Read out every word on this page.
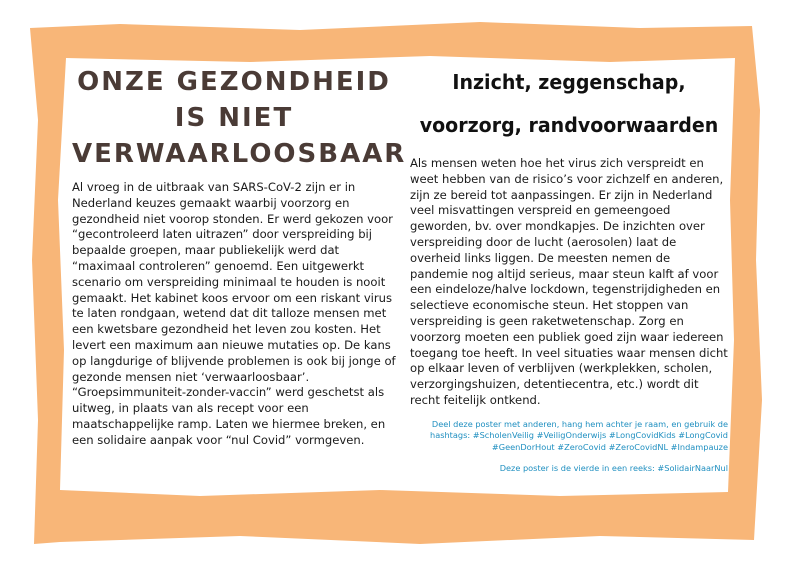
ONZE GEZONDHEID IS NIET VERWAARLOOSBAAR

Al vroeg in de uitbraak van SARS-CoV-2 zijn er in Nederland keuzes gemaakt waarbij voorzorg en gezondheid niet voorop stonden. Er werd gekozen voor “gecontroleerd laten uitrazen” door verspreiding bij bepaalde groepen, maar publiekelijk werd dat “maximaal controleren” genoemd. Een uitgewerkt scenario om verspreiding minimaal te houden is nooit gemaakt. Het kabinet koos ervoor om een riskant virus te laten rondgaan, wetend dat dit talloze mensen met een kwetsbare gezondheid het leven zou kosten. Het levert een maximum aan nieuwe mutaties op. De kans op langdurige of blijvende problemen is ook bij jonge of gezonde mensen niet ‘verwaarloosbaar’. “Groepsimmuniteit-zonder-vaccin” werd geschetst als uitweg, in plaats van als recept voor een maatschappelijke ramp. Laten we hiermee breken, en een solidaire aanpak voor “nul Covid” vormgeven.

Inzicht, zeggenschap, voorzorg, randvoorwaarden

Als mensen weten hoe het virus zich verspreidt en weet hebben van de risico’s voor zichzelf en anderen, zijn ze bereid tot aanpassingen. Er zijn in Nederland veel misvattingen verspreid en gemeengoed geworden, bv. over mondkapjes. De inzichten over verspreiding door de lucht (aerosolen) laat de overheid links liggen. De meesten nemen de pandemie nog altijd serieus, maar steun kalft af voor een eindeloze/halve lockdown, tegenstrijdigheden en selectieve economische steun. Het stoppen van verspreiding is geen raketwetenschap. Zorg en voorzorg moeten een publiek goed zijn waar iedereen toegang toe heeft. In veel situaties waar mensen dicht op elkaar leven of verblijven (werkplekken, scholen, verzorgingshuizen, detentiecentra, etc.) wordt dit recht feitelijk ontkend.

Deel deze poster met anderen, hang hem achter je raam, en gebruik de hashtags: #ScholenVeilig #VeiligOnderwijs #LongCovidKids #LongCovid #GeenDorHout #ZeroCovid #ZeroCovidNL #Indampauze

Deze poster is de vierde in een reeks: #SolidairNaarNul
